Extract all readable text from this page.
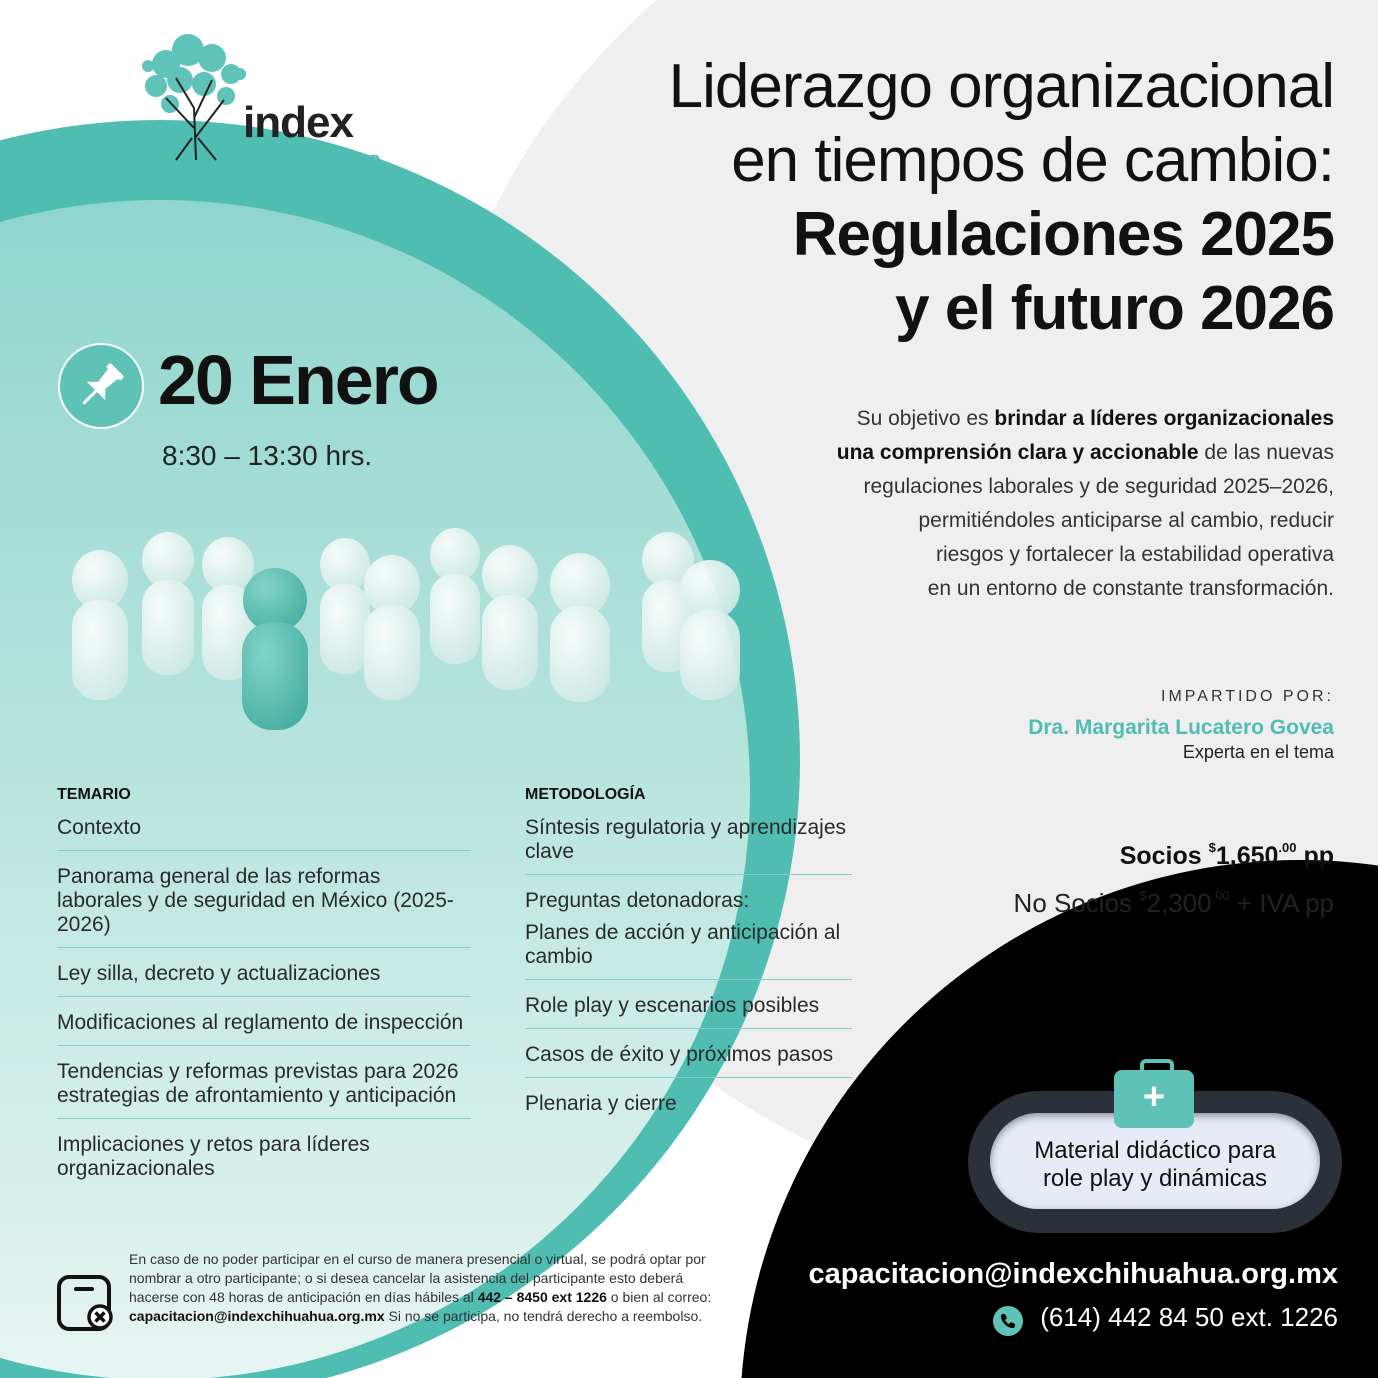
index
Chihuahua
Liderazgo organizacional
en tiempos de cambio:
Regulaciones 2025
y el futuro 2026
Su objetivo es brindar a líderes organizacionales
una comprensión clara y accionable de las nuevas
regulaciones laborales y de seguridad 2025–2026,
permitiéndoles anticiparse al cambio, reducir
riesgos y fortalecer la estabilidad operativa
en un entorno de constante transformación.
20 Enero
8:30 – 13:30 hrs.
IMPARTIDO POR:
Dra. Margarita Lucatero Govea
Experta en el tema
Socios $^{\$}1,650^{.00}$ pp
No Socios $^{\$}2,300^{.00}$ + IVA pp
TEMARIO
Contexto
Panorama general de las reformas laborales y de seguridad en México (2025-2026)
Ley silla, decreto y actualizaciones
Modificaciones al reglamento de inspección
Tendencias y reformas previstas para 2026 estrategias de afrontamiento y anticipación
Implicaciones y retos para líderes organizacionales
METODOLOGÍA
Síntesis regulatoria y aprendizajes clave
Preguntas detonadoras:
Planes de acción y anticipación al cambio
Role play y escenarios posibles
Casos de éxito y próximos pasos
Plenaria y cierre
Material didáctico para
role play y dinámicas
+
capacitacion@indexchihuahua.org.mx
(614) 442 84 50 ext. 1226
En caso de no poder participar en el curso de manera presencial o virtual, se podrá optar por nombrar a otro participante; o si desea cancelar la asistencia del participante esto deberá hacerse con 48 horas de anticipación en días hábiles al 442 – 8450 ext 1226 o bien al correo: capacitacion@indexchihuahua.org.mx Si no se participa, no tendrá derecho a reembolso.
